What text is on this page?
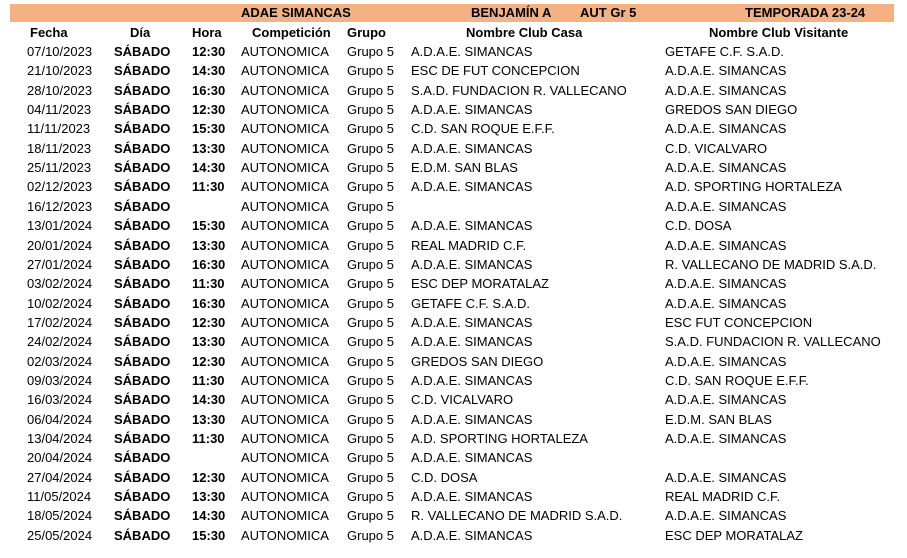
ADAE SIMANCAS	BENJAMÍN A AUT Gr 5	TEMPORADA 23-24
Fecha	Día	Hora Competición Grupo	Nombre Club Casa	Nombre Club Visitante
07/10/2023 SÁBADO 12:30 AUTONOMICA Grupo 5 A.D.A.E. SIMANCAS	GETAFE C.F. S.A.D.
21/10/2023 SÁBADO 14:30 AUTONOMICA Grupo 5 ESC DE FUT CONCEPCION	A.D.A.E. SIMANCAS
28/10/2023 SÁBADO 16:30 AUTONOMICA Grupo 5 S.A.D. FUNDACION R. VALLECANO	A.D.A.E. SIMANCAS
04/11/2023 SÁBADO 12:30 AUTONOMICA Grupo 5 A.D.A.E. SIMANCAS	GREDOS SAN DIEGO
11/11/2023 SÁBADO 15:30 AUTONOMICA Grupo 5 C.D. SAN ROQUE E.F.F.	A.D.A.E. SIMANCAS
18/11/2023 SÁBADO 13:30 AUTONOMICA Grupo 5 A.D.A.E. SIMANCAS	C.D. VICALVARO
25/11/2023 SÁBADO 14:30 AUTONOMICA Grupo 5 E.D.M. SAN BLAS	A.D.A.E. SIMANCAS
02/12/2023 SÁBADO 11:30 AUTONOMICA Grupo 5 A.D.A.E. SIMANCAS	A.D. SPORTING HORTALEZA
16/12/2023 SÁBADO	AUTONOMICA Grupo 5	A.D.A.E. SIMANCAS
13/01/2024 SÁBADO 15:30 AUTONOMICA Grupo 5 A.D.A.E. SIMANCAS	C.D. DOSA
20/01/2024 SÁBADO 13:30 AUTONOMICA Grupo 5 REAL MADRID C.F.	A.D.A.E. SIMANCAS
27/01/2024 SÁBADO 16:30 AUTONOMICA Grupo 5 A.D.A.E. SIMANCAS	R. VALLECANO DE MADRID S.A.D.
03/02/2024 SÁBADO 11:30 AUTONOMICA Grupo 5 ESC DEP MORATALAZ	A.D.A.E. SIMANCAS
10/02/2024 SÁBADO 16:30 AUTONOMICA Grupo 5 GETAFE C.F. S.A.D.	A.D.A.E. SIMANCAS
17/02/2024 SÁBADO 12:30 AUTONOMICA Grupo 5 A.D.A.E. SIMANCAS	ESC FUT CONCEPCION
24/02/2024 SÁBADO 13:30 AUTONOMICA Grupo 5 A.D.A.E. SIMANCAS	S.A.D. FUNDACION R. VALLECANO
02/03/2024 SÁBADO 12:30 AUTONOMICA Grupo 5 GREDOS SAN DIEGO	A.D.A.E. SIMANCAS
09/03/2024 SÁBADO 11:30 AUTONOMICA Grupo 5 A.D.A.E. SIMANCAS	C.D. SAN ROQUE E.F.F.
16/03/2024 SÁBADO 14:30 AUTONOMICA Grupo 5 C.D. VICALVARO	A.D.A.E. SIMANCAS
06/04/2024 SÁBADO 13:30 AUTONOMICA Grupo 5 A.D.A.E. SIMANCAS	E.D.M. SAN BLAS
13/04/2024 SÁBADO 11:30 AUTONOMICA Grupo 5 A.D. SPORTING HORTALEZA	A.D.A.E. SIMANCAS
20/04/2024 SÁBADO	AUTONOMICA Grupo 5 A.D.A.E. SIMANCAS
27/04/2024 SÁBADO 12:30 AUTONOMICA Grupo 5 C.D. DOSA	A.D.A.E. SIMANCAS
11/05/2024 SÁBADO 13:30 AUTONOMICA Grupo 5 A.D.A.E. SIMANCAS	REAL MADRID C.F.
18/05/2024 SÁBADO 14:30 AUTONOMICA Grupo 5 R. VALLECANO DE MADRID S.A.D.	A.D.A.E. SIMANCAS
25/05/2024 SÁBADO 15:30 AUTONOMICA Grupo 5 A.D.A.E. SIMANCAS	ESC DEP MORATALAZ
